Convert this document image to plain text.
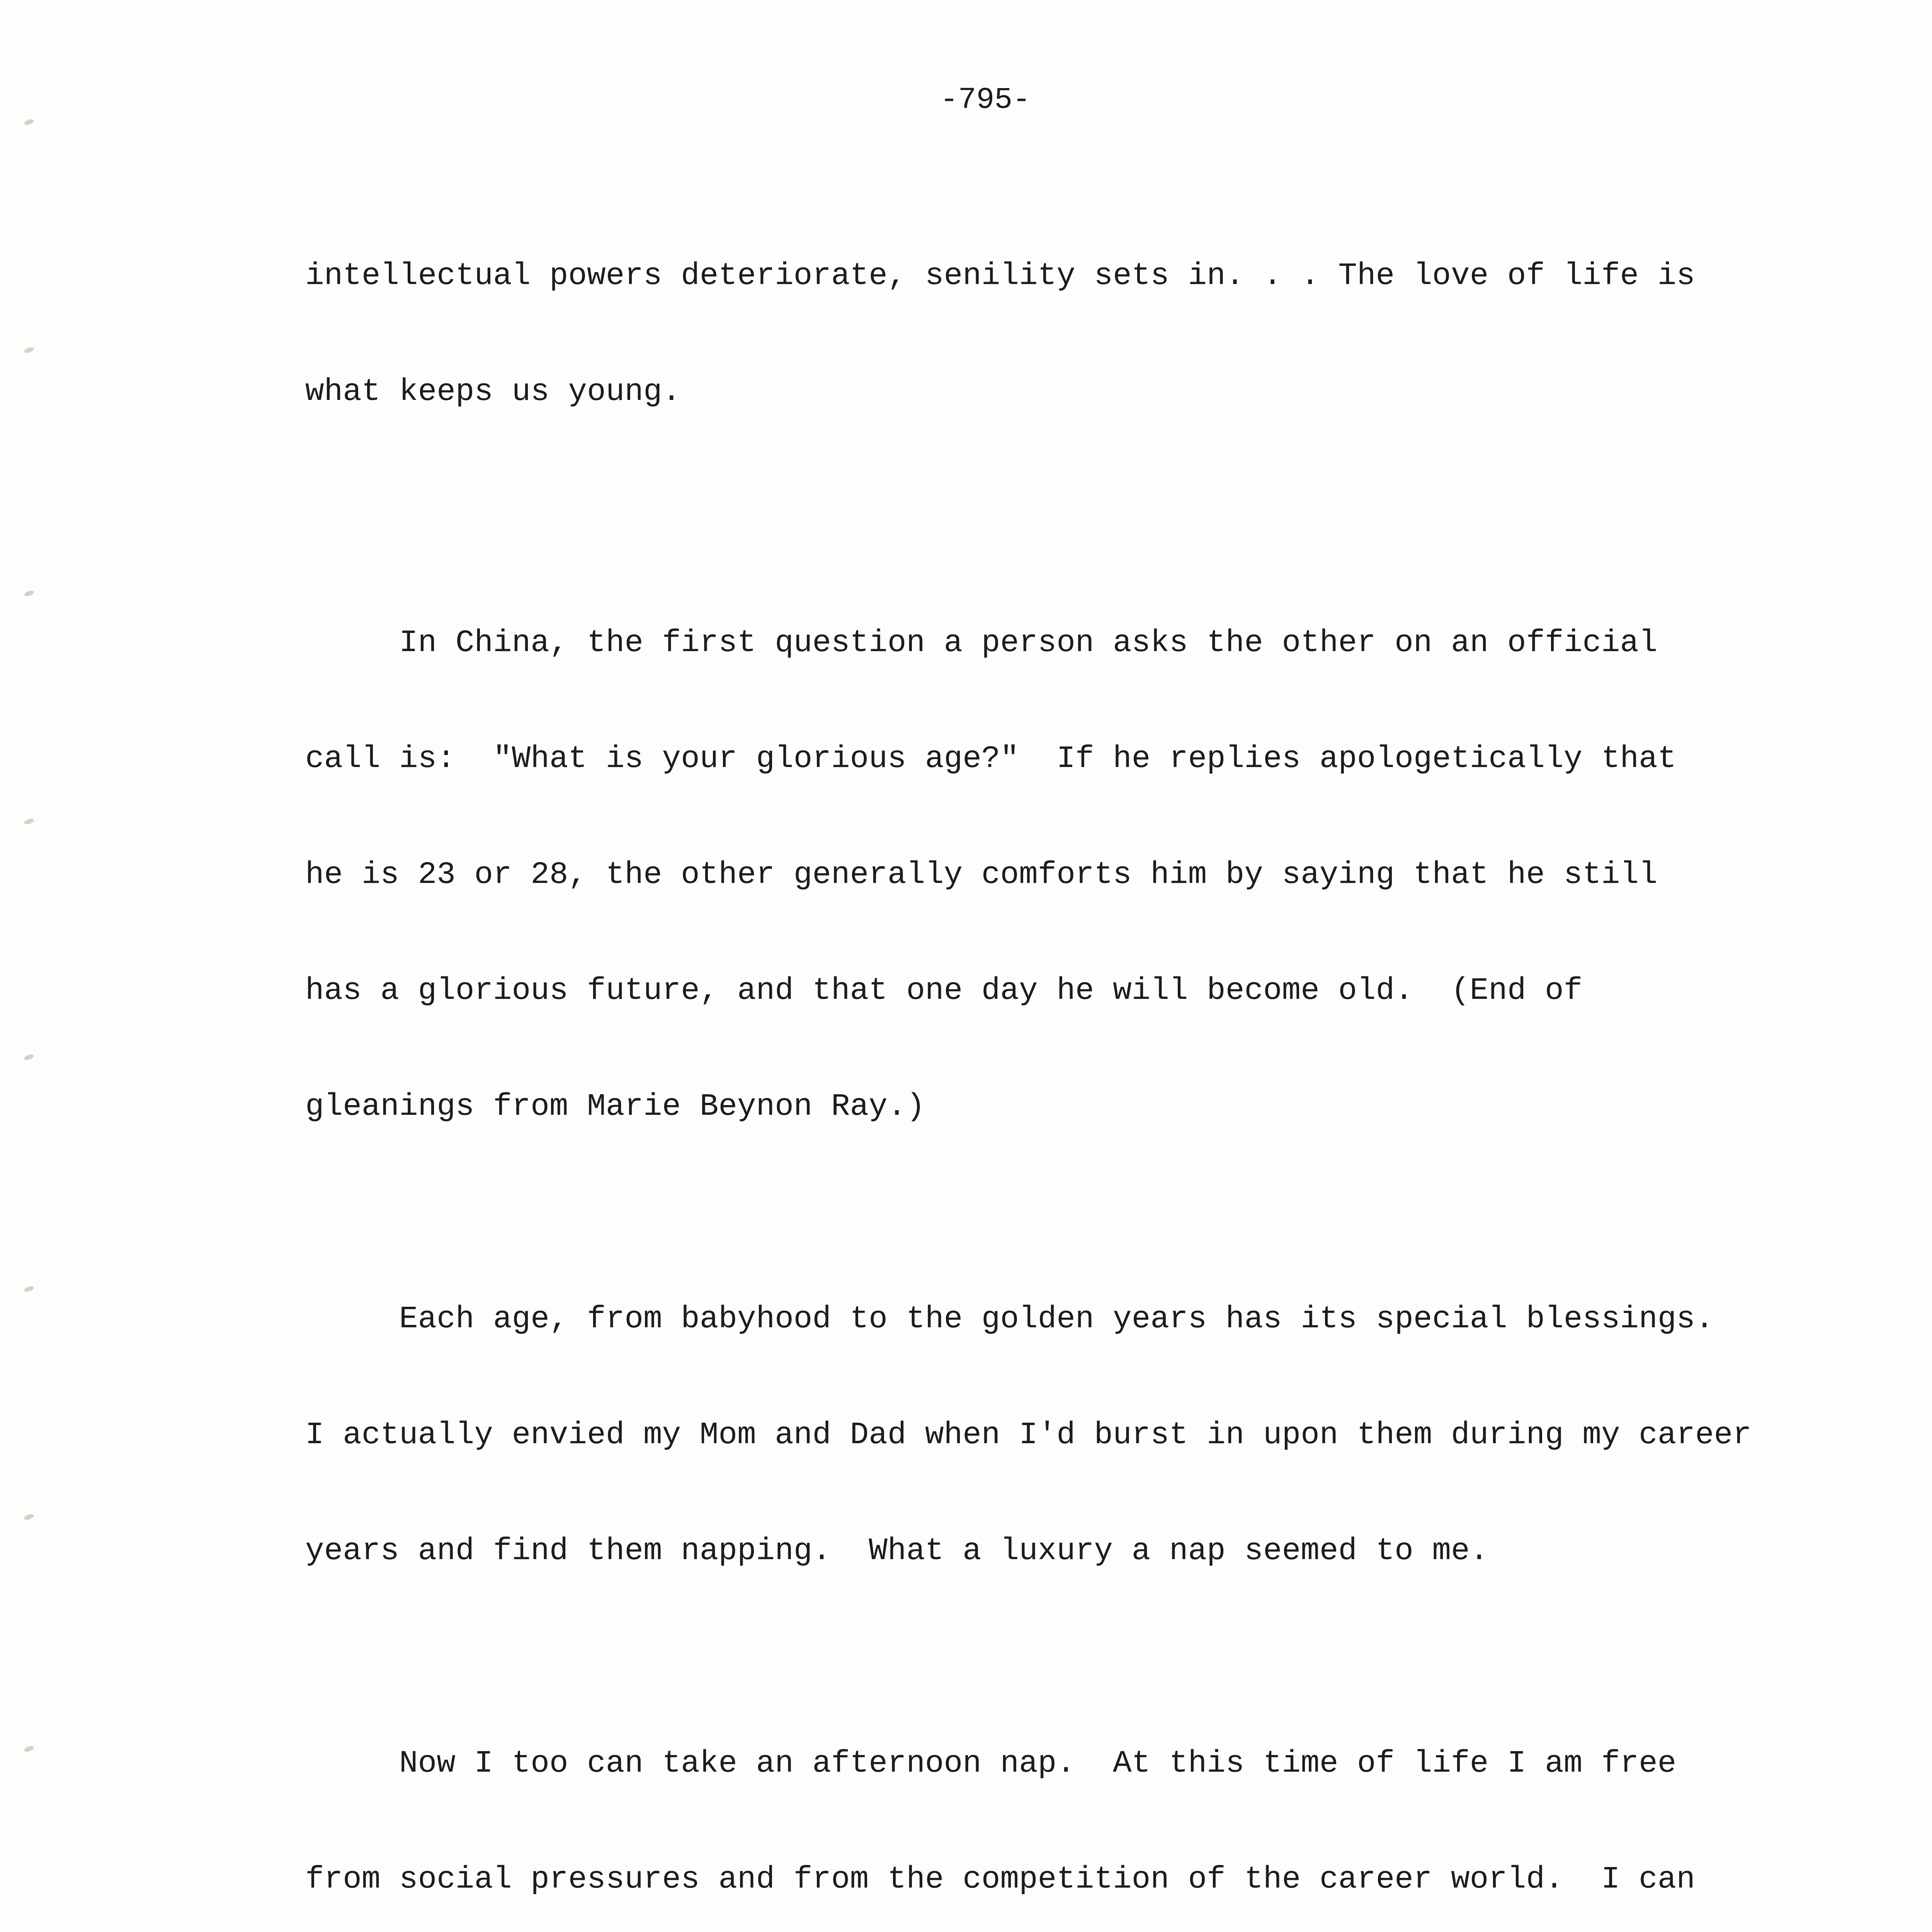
-795-

intellectual powers deteriorate, senility sets in. . . The love of life is

what keeps us young.

In China, the first question a person asks the other on an official

call is:  "What is your glorious age?"  If he replies apologetically that

he is 23 or 28, the other generally comforts him by saying that he still

has a glorious future, and that one day he will become old.  (End of

gleanings from Marie Beynon Ray.)

Each age, from babyhood to the golden years has its special blessings.

I actually envied my Mom and Dad when I'd burst in upon them during my career

years and find them napping.  What a luxury a nap seemed to me.

Now I too can take an afternoon nap.  At this time of life I am free

from social pressures and from the competition of the career world.  I can
